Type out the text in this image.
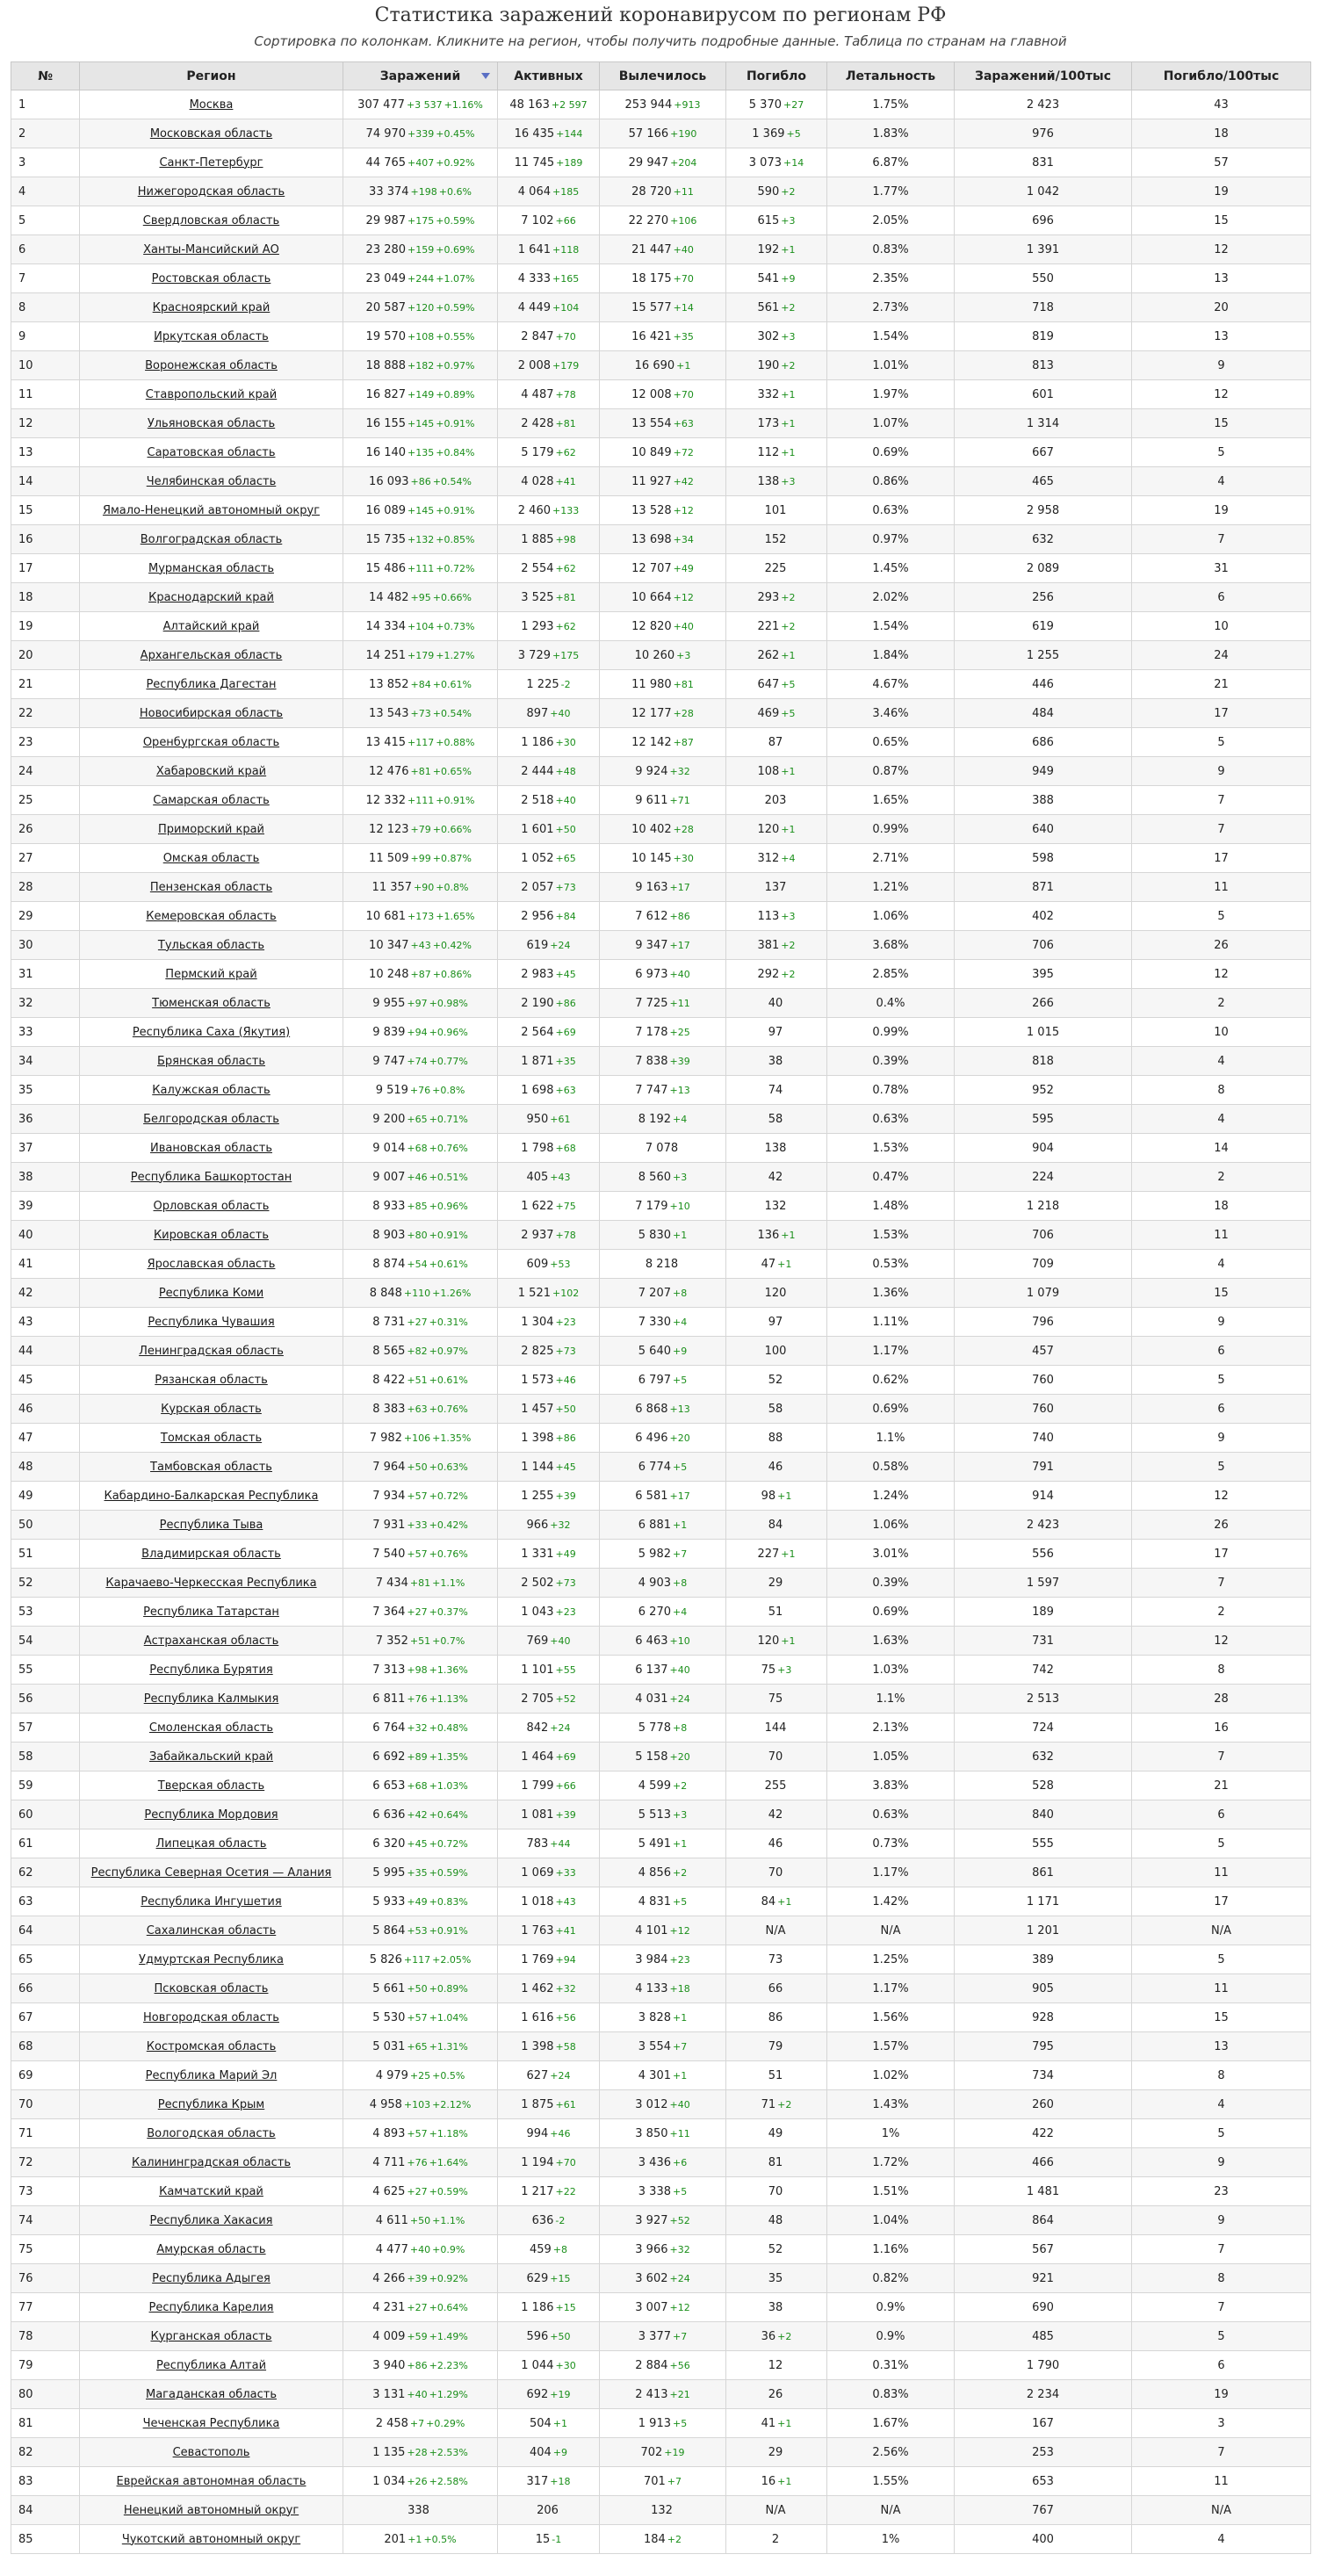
Статистика заражений коронавирусом по регионам РФ
Сортировка по колонкам. Кликните на регион, чтобы получить подробные данные. Таблица по странам на главной
№	Регион	Заражений	Активных	Вылечилось	Погибло	Летальность	Заражений/100тыс	Погибло/100тыс
1	Москва	307 477 +3 537 +1.16%	48 163 +2 597	253 944 +913	5 370 +27	1.75%	2 423	43
2	Московская область	74 970 +339 +0.45%	16 435 +144	57 166 +190	1 369 +5	1.83%	976	18
3	Санкт-Петербург	44 765 +407 +0.92%	11 745 +189	29 947 +204	3 073 +14	6.87%	831	57
4	Нижегородская область	33 374 +198 +0.6%	4 064 +185	28 720 +11	590 +2	1.77%	1 042	19
5	Свердловская область	29 987 +175 +0.59%	7 102 +66	22 270 +106	615 +3	2.05%	696	15
6	Ханты-Мансийский АО	23 280 +159 +0.69%	1 641 +118	21 447 +40	192 +1	0.83%	1 391	12
7	Ростовская область	23 049 +244 +1.07%	4 333 +165	18 175 +70	541 +9	2.35%	550	13
8	Красноярский край	20 587 +120 +0.59%	4 449 +104	15 577 +14	561 +2	2.73%	718	20
9	Иркутская область	19 570 +108 +0.55%	2 847 +70	16 421 +35	302 +3	1.54%	819	13
10	Воронежская область	18 888 +182 +0.97%	2 008 +179	16 690 +1	190 +2	1.01%	813	9
11	Ставропольский край	16 827 +149 +0.89%	4 487 +78	12 008 +70	332 +1	1.97%	601	12
12	Ульяновская область	16 155 +145 +0.91%	2 428 +81	13 554 +63	173 +1	1.07%	1 314	15
13	Саратовская область	16 140 +135 +0.84%	5 179 +62	10 849 +72	112 +1	0.69%	667	5
14	Челябинская область	16 093 +86 +0.54%	4 028 +41	11 927 +42	138 +3	0.86%	465	4
15	Ямало-Ненецкий автономный округ	16 089 +145 +0.91%	2 460 +133	13 528 +12	101	0.63%	2 958	19
16	Волгоградская область	15 735 +132 +0.85%	1 885 +98	13 698 +34	152	0.97%	632	7
17	Мурманская область	15 486 +111 +0.72%	2 554 +62	12 707 +49	225	1.45%	2 089	31
18	Краснодарский край	14 482 +95 +0.66%	3 525 +81	10 664 +12	293 +2	2.02%	256	6
19	Алтайский край	14 334 +104 +0.73%	1 293 +62	12 820 +40	221 +2	1.54%	619	10
20	Архангельская область	14 251 +179 +1.27%	3 729 +175	10 260 +3	262 +1	1.84%	1 255	24
21	Республика Дагестан	13 852 +84 +0.61%	1 225 -2	11 980 +81	647 +5	4.67%	446	21
22	Новосибирская область	13 543 +73 +0.54%	897 +40	12 177 +28	469 +5	3.46%	484	17
23	Оренбургская область	13 415 +117 +0.88%	1 186 +30	12 142 +87	87	0.65%	686	5
24	Хабаровский край	12 476 +81 +0.65%	2 444 +48	9 924 +32	108 +1	0.87%	949	9
25	Самарская область	12 332 +111 +0.91%	2 518 +40	9 611 +71	203	1.65%	388	7
26	Приморский край	12 123 +79 +0.66%	1 601 +50	10 402 +28	120 +1	0.99%	640	7
27	Омская область	11 509 +99 +0.87%	1 052 +65	10 145 +30	312 +4	2.71%	598	17
28	Пензенская область	11 357 +90 +0.8%	2 057 +73	9 163 +17	137	1.21%	871	11
29	Кемеровская область	10 681 +173 +1.65%	2 956 +84	7 612 +86	113 +3	1.06%	402	5
30	Тульская область	10 347 +43 +0.42%	619 +24	9 347 +17	381 +2	3.68%	706	26
31	Пермский край	10 248 +87 +0.86%	2 983 +45	6 973 +40	292 +2	2.85%	395	12
32	Тюменская область	9 955 +97 +0.98%	2 190 +86	7 725 +11	40	0.4%	266	2
33	Республика Саха (Якутия)	9 839 +94 +0.96%	2 564 +69	7 178 +25	97	0.99%	1 015	10
34	Брянская область	9 747 +74 +0.77%	1 871 +35	7 838 +39	38	0.39%	818	4
35	Калужская область	9 519 +76 +0.8%	1 698 +63	7 747 +13	74	0.78%	952	8
36	Белгородская область	9 200 +65 +0.71%	950 +61	8 192 +4	58	0.63%	595	4
37	Ивановская область	9 014 +68 +0.76%	1 798 +68	7 078	138	1.53%	904	14
38	Республика Башкортостан	9 007 +46 +0.51%	405 +43	8 560 +3	42	0.47%	224	2
39	Орловская область	8 933 +85 +0.96%	1 622 +75	7 179 +10	132	1.48%	1 218	18
40	Кировская область	8 903 +80 +0.91%	2 937 +78	5 830 +1	136 +1	1.53%	706	11
41	Ярославская область	8 874 +54 +0.61%	609 +53	8 218	47 +1	0.53%	709	4
42	Республика Коми	8 848 +110 +1.26%	1 521 +102	7 207 +8	120	1.36%	1 079	15
43	Республика Чувашия	8 731 +27 +0.31%	1 304 +23	7 330 +4	97	1.11%	796	9
44	Ленинградская область	8 565 +82 +0.97%	2 825 +73	5 640 +9	100	1.17%	457	6
45	Рязанская область	8 422 +51 +0.61%	1 573 +46	6 797 +5	52	0.62%	760	5
46	Курская область	8 383 +63 +0.76%	1 457 +50	6 868 +13	58	0.69%	760	6
47	Томская область	7 982 +106 +1.35%	1 398 +86	6 496 +20	88	1.1%	740	9
48	Тамбовская область	7 964 +50 +0.63%	1 144 +45	6 774 +5	46	0.58%	791	5
49	Кабардино-Балкарская Республика	7 934 +57 +0.72%	1 255 +39	6 581 +17	98 +1	1.24%	914	12
50	Республика Тыва	7 931 +33 +0.42%	966 +32	6 881 +1	84	1.06%	2 423	26
51	Владимирская область	7 540 +57 +0.76%	1 331 +49	5 982 +7	227 +1	3.01%	556	17
52	Карачаево-Черкесская Республика	7 434 +81 +1.1%	2 502 +73	4 903 +8	29	0.39%	1 597	7
53	Республика Татарстан	7 364 +27 +0.37%	1 043 +23	6 270 +4	51	0.69%	189	2
54	Астраханская область	7 352 +51 +0.7%	769 +40	6 463 +10	120 +1	1.63%	731	12
55	Республика Бурятия	7 313 +98 +1.36%	1 101 +55	6 137 +40	75 +3	1.03%	742	8
56	Республика Калмыкия	6 811 +76 +1.13%	2 705 +52	4 031 +24	75	1.1%	2 513	28
57	Смоленская область	6 764 +32 +0.48%	842 +24	5 778 +8	144	2.13%	724	16
58	Забайкальский край	6 692 +89 +1.35%	1 464 +69	5 158 +20	70	1.05%	632	7
59	Тверская область	6 653 +68 +1.03%	1 799 +66	4 599 +2	255	3.83%	528	21
60	Республика Мордовия	6 636 +42 +0.64%	1 081 +39	5 513 +3	42	0.63%	840	6
61	Липецкая область	6 320 +45 +0.72%	783 +44	5 491 +1	46	0.73%	555	5
62	Республика Северная Осетия — Алания	5 995 +35 +0.59%	1 069 +33	4 856 +2	70	1.17%	861	11
63	Республика Ингушетия	5 933 +49 +0.83%	1 018 +43	4 831 +5	84 +1	1.42%	1 171	17
64	Сахалинская область	5 864 +53 +0.91%	1 763 +41	4 101 +12	N/A	N/A	1 201	N/A
65	Удмуртская Республика	5 826 +117 +2.05%	1 769 +94	3 984 +23	73	1.25%	389	5
66	Псковская область	5 661 +50 +0.89%	1 462 +32	4 133 +18	66	1.17%	905	11
67	Новгородская область	5 530 +57 +1.04%	1 616 +56	3 828 +1	86	1.56%	928	15
68	Костромская область	5 031 +65 +1.31%	1 398 +58	3 554 +7	79	1.57%	795	13
69	Республика Марий Эл	4 979 +25 +0.5%	627 +24	4 301 +1	51	1.02%	734	8
70	Республика Крым	4 958 +103 +2.12%	1 875 +61	3 012 +40	71 +2	1.43%	260	4
71	Вологодская область	4 893 +57 +1.18%	994 +46	3 850 +11	49	1%	422	5
72	Калининградская область	4 711 +76 +1.64%	1 194 +70	3 436 +6	81	1.72%	466	9
73	Камчатский край	4 625 +27 +0.59%	1 217 +22	3 338 +5	70	1.51%	1 481	23
74	Республика Хакасия	4 611 +50 +1.1%	636 -2	3 927 +52	48	1.04%	864	9
75	Амурская область	4 477 +40 +0.9%	459 +8	3 966 +32	52	1.16%	567	7
76	Республика Адыгея	4 266 +39 +0.92%	629 +15	3 602 +24	35	0.82%	921	8
77	Республика Карелия	4 231 +27 +0.64%	1 186 +15	3 007 +12	38	0.9%	690	7
78	Курганская область	4 009 +59 +1.49%	596 +50	3 377 +7	36 +2	0.9%	485	5
79	Республика Алтай	3 940 +86 +2.23%	1 044 +30	2 884 +56	12	0.31%	1 790	6
80	Магаданская область	3 131 +40 +1.29%	692 +19	2 413 +21	26	0.83%	2 234	19
81	Чеченская Республика	2 458 +7 +0.29%	504 +1	1 913 +5	41 +1	1.67%	167	3
82	Севастополь	1 135 +28 +2.53%	404 +9	702 +19	29	2.56%	253	7
83	Еврейская автономная область	1 034 +26 +2.58%	317 +18	701 +7	16 +1	1.55%	653	11
84	Ненецкий автономный округ	338	206	132	N/A	N/A	767	N/A
85	Чукотский автономный округ	201 +1 +0.5%	15 -1	184 +2	2	1%	400	4
